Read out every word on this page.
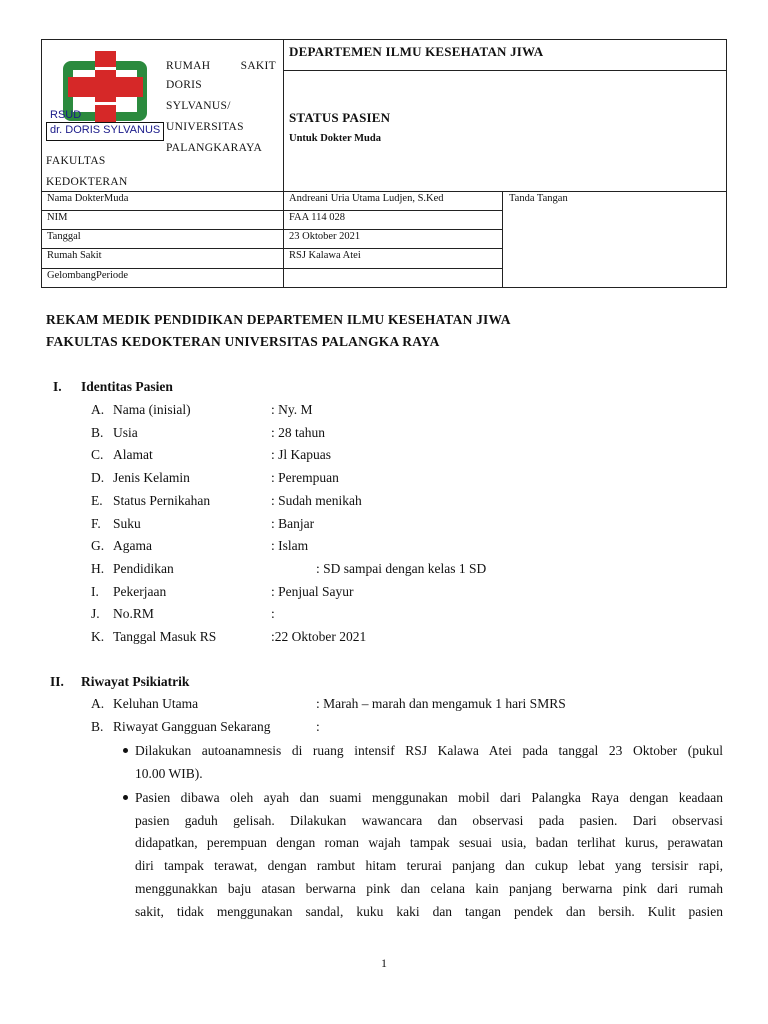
RSUD
dr. DORIS SYLVANUS
RUMAH	SAKIT
DORIS
SYLVANUS/
UNIVERSITAS
PALANGKARAYA
FAKULTAS
KEDOKTERAN
DEPARTEMEN ILMU KESEHATAN JIWA
STATUS PASIEN
Untuk Dokter Muda
Nama DokterMuda	Andreani Uria Utama Ludjen, S.Ked	Tanda Tangan
NIM	FAA 114 028
Tanggal	23 Oktober 2021
Rumah Sakit	RSJ Kalawa Atei
GelombangPeriode
REKAM MEDIK PENDIDIKAN DEPARTEMEN ILMU KESEHATAN JIWA
FAKULTAS KEDOKTERAN UNIVERSITAS PALANGKA RAYA
I. Identitas Pasien
A. Nama (inisial)	: Ny. M
B. Usia	: 28 tahun
C. Alamat	: Jl Kapuas
D. Jenis Kelamin	: Perempuan
E. Status Pernikahan	: Sudah menikah
F. Suku	: Banjar
G. Agama	: Islam
H. Pendidikan	: SD sampai dengan kelas 1 SD
I. Pekerjaan	: Penjual Sayur
J. No.RM	:
K. Tanggal Masuk RS	:22 Oktober 2021
II. Riwayat Psikiatrik
A. Keluhan Utama	: Marah – marah dan mengamuk 1 hari SMRS
B. Riwayat Gangguan Sekarang	:
Dilakukan autoanamnesis di ruang intensif RSJ Kalawa Atei pada tanggal 23 Oktober (pukul
10.00 WIB).
Pasien dibawa oleh ayah dan suami menggunakan mobil dari Palangka Raya dengan keadaan
pasien gaduh gelisah. Dilakukan wawancara dan observasi pada pasien. Dari observasi
didapatkan, perempuan dengan roman wajah tampak sesuai usia, badan terlihat kurus, perawatan
diri tampak terawat, dengan rambut hitam terurai panjang dan cukup lebat yang tersisir rapi,
menggunakkan baju atasan berwarna pink dan celana kain panjang berwarna pink dari rumah
sakit, tidak menggunakan sandal, kuku kaki dan tangan pendek dan bersih. Kulit pasien
1
